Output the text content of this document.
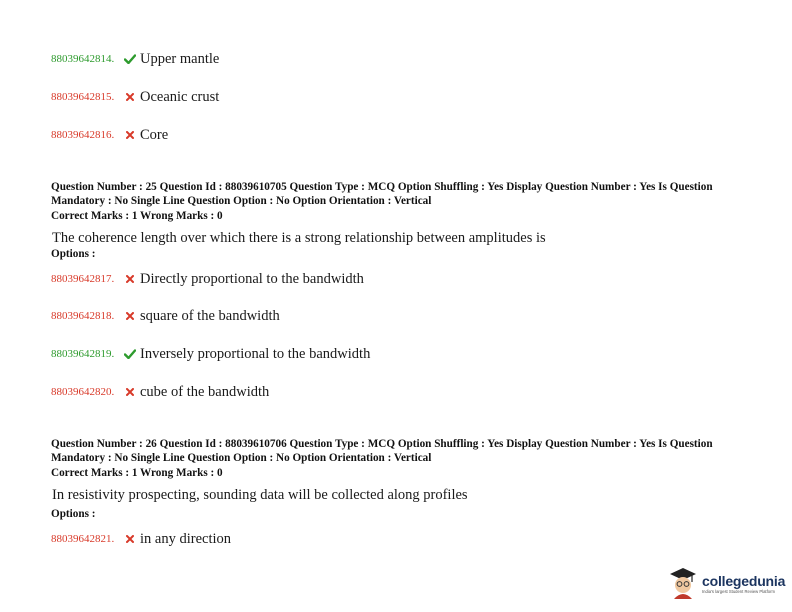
88039642814.	Upper mantle
88039642815.	Oceanic crust
88039642816.	Core
Question Number : 25 Question Id : 88039610705 Question Type : MCQ Option Shuffling : Yes Display Question Number : Yes Is Question Mandatory : No Single Line Question Option : No Option Orientation : Vertical
Correct Marks : 1 Wrong Marks : 0
The coherence length over which there is a strong relationship between amplitudes is
Options :
88039642817.	Directly proportional to the bandwidth
88039642818.	square of the bandwidth
88039642819.	Inversely proportional to the bandwidth
88039642820.	cube of the bandwidth
Question Number : 26 Question Id : 88039610706 Question Type : MCQ Option Shuffling : Yes Display Question Number : Yes Is Question Mandatory : No Single Line Question Option : No Option Orientation : Vertical
Correct Marks : 1 Wrong Marks : 0
In resistivity prospecting, sounding data will be collected along profiles
Options :
88039642821.	in any direction
collegedunia
India's largest Student Review Platform
